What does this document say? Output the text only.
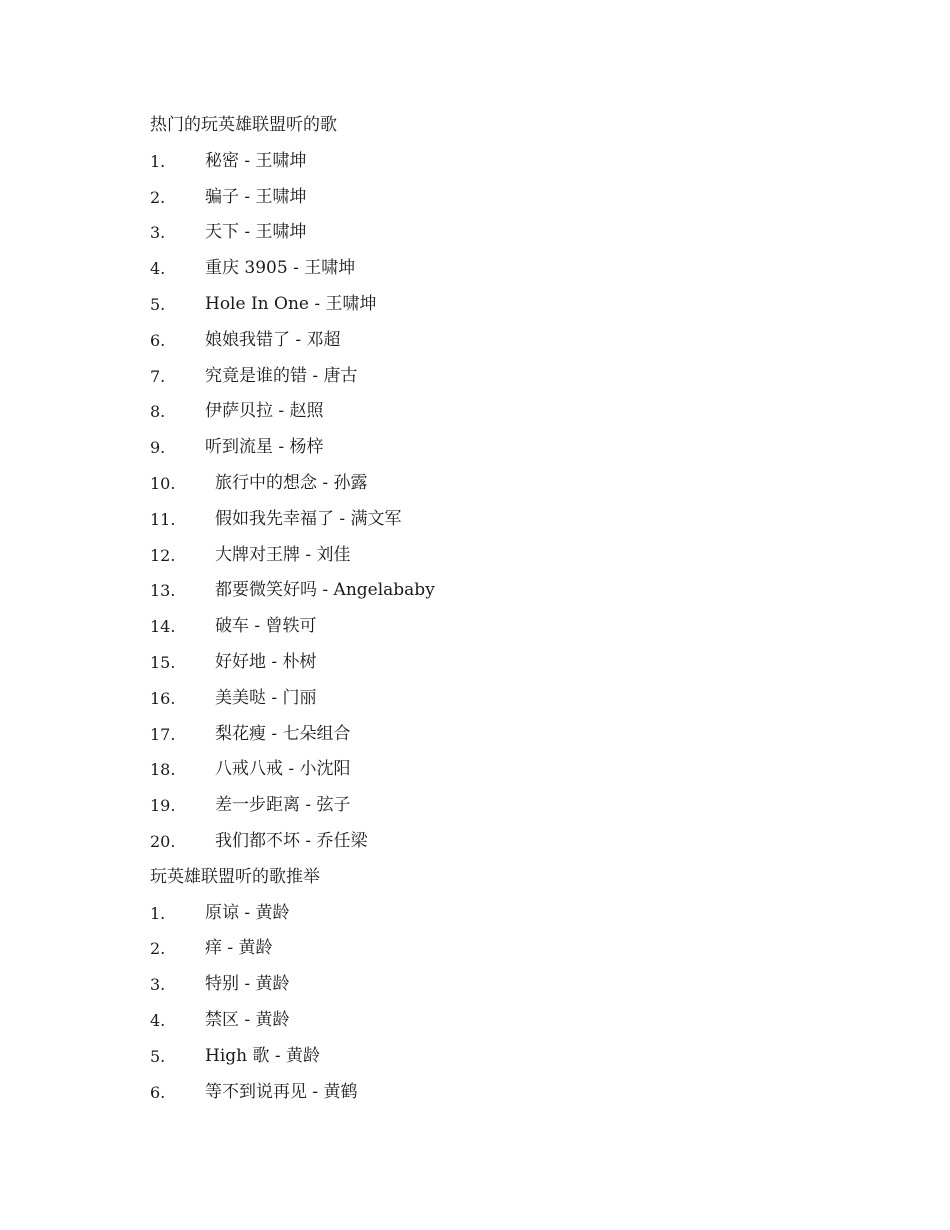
热门的玩英雄联盟听的歌
1.	秘密 - 王啸坤
2.	骗子 - 王啸坤
3.	天下 - 王啸坤
4.	重庆 3905 - 王啸坤
5.	Hole In One - 王啸坤
6.	娘娘我错了 - 邓超
7.	究竟是谁的错 - 唐古
8.	伊萨贝拉 - 赵照
9.	听到流星 - 杨梓
10.	旅行中的想念 - 孙露
11.	假如我先幸福了 - 满文军
12.	大牌对王牌 - 刘佳
13.	都要微笑好吗 - Angelababy
14.	破车 - 曾轶可
15.	好好地 - 朴树
16.	美美哒 - 门丽
17.	梨花瘦 - 七朵组合
18.	八戒八戒 - 小沈阳
19.	差一步距离 - 弦子
20.	我们都不坏 - 乔任梁
玩英雄联盟听的歌推举
1.	原谅 - 黄龄
2.	痒 - 黄龄
3.	特别 - 黄龄
4.	禁区 - 黄龄
5.	High 歌 - 黄龄
6.	等不到说再见 - 黄鹤
